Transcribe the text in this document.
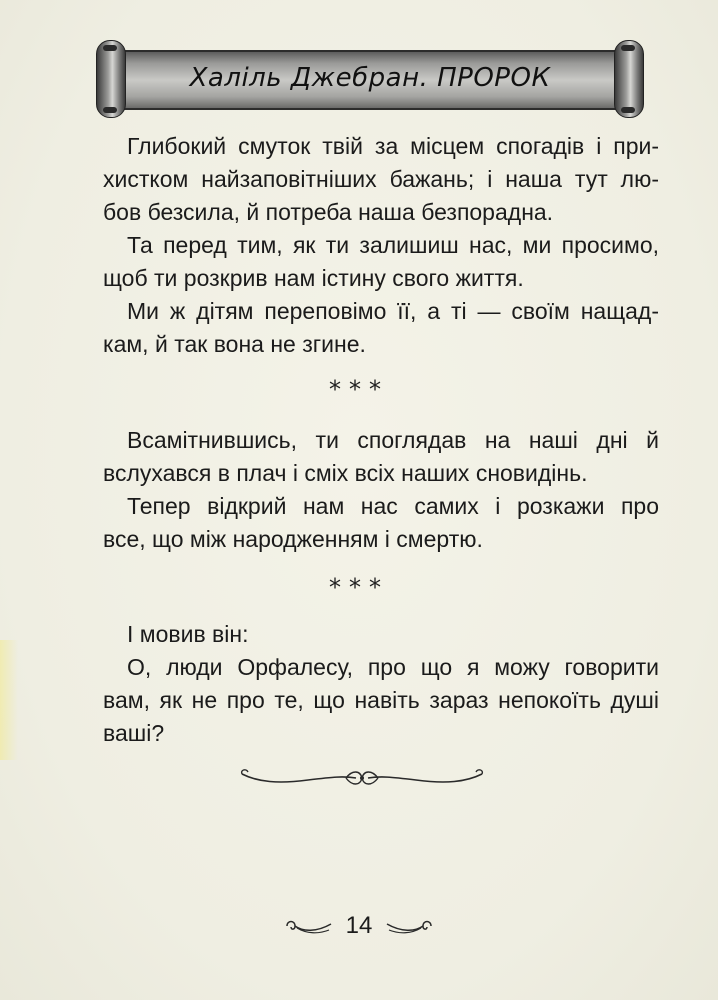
Халіль Джебран. ПРОРОК

Глибокий смуток твій за місцем спогадів і при-
хистком найзаповітніших бажань; і наша тут лю-
бов безсила, й потреба наша безпорадна.

Та перед тим, як ти залишиш нас, ми просимо,
щоб ти розкрив нам істину свого життя.

Ми ж дітям переповімо її, а ті — своїм нащад-
кам, й так вона не згине.

⁎⁎⁎

Всамітнившись, ти споглядав на наші дні й
вслухався в плач і сміх всіх наших сновидінь.

Тепер відкрий нам нас самих і розкажи про
все, що між народженням і смертю.

⁎⁎⁎

І мовив він:

О, люди Орфалесу, про що я можу говорити
вам, як не про те, що навіть зараз непокоїть душі
ваші?

14
